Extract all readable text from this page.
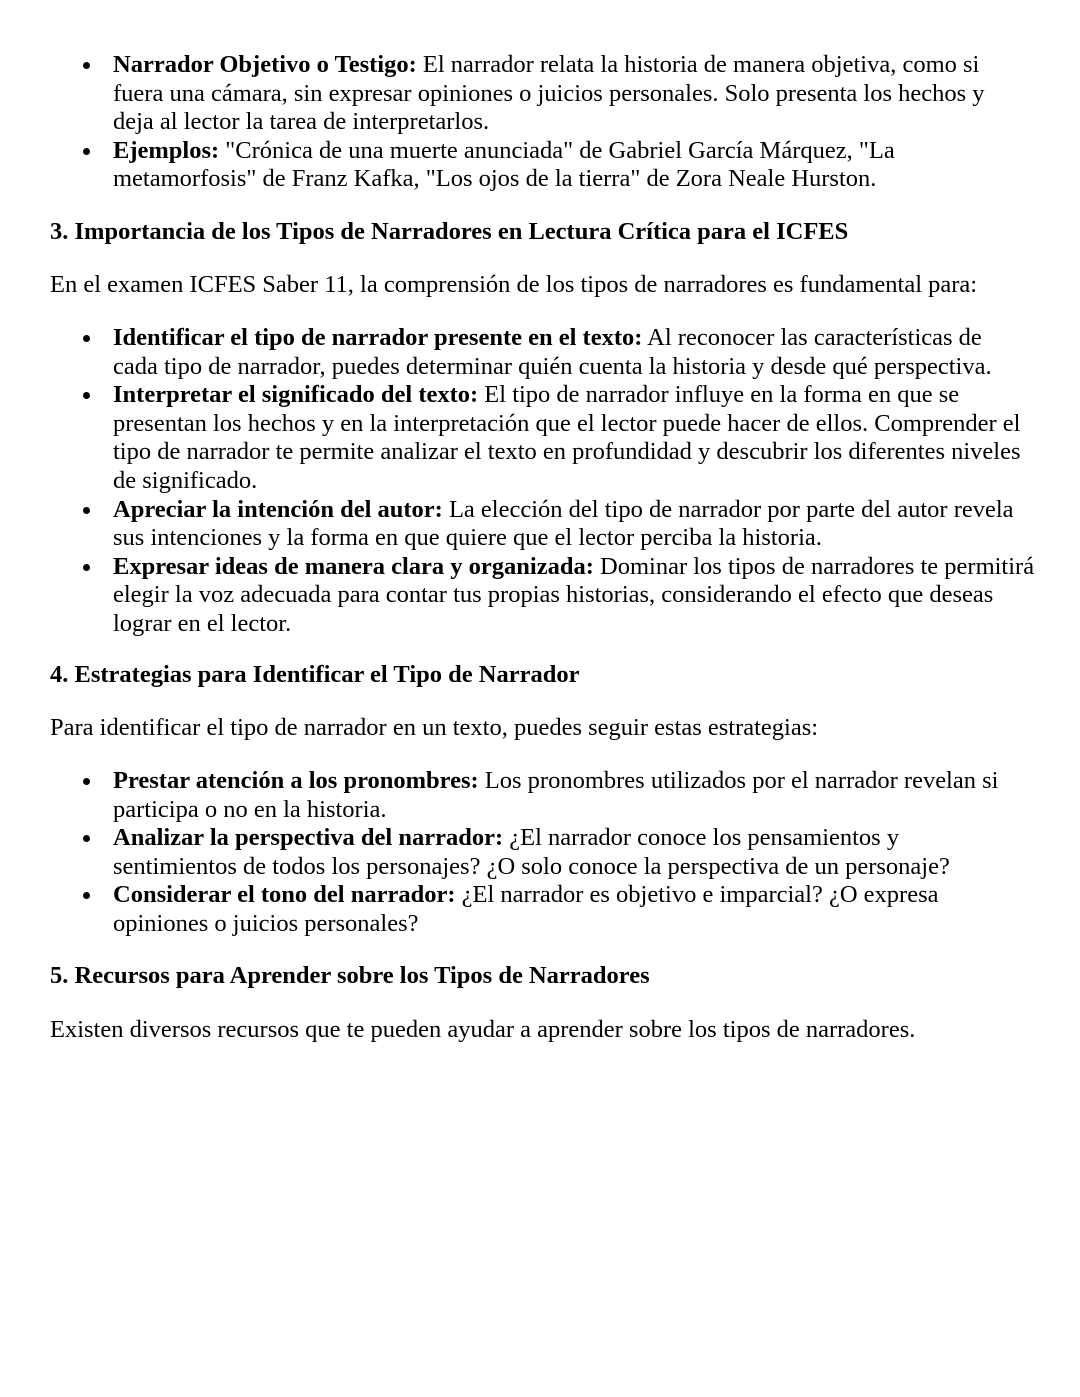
Narrador Objetivo o Testigo: El narrador relata la historia de manera objetiva, como si fuera una cámara, sin expresar opiniones o juicios personales. Solo presenta los hechos y deja al lector la tarea de interpretarlos.
Ejemplos: "Crónica de una muerte anunciada" de Gabriel García Márquez, "La metamorfosis" de Franz Kafka, "Los ojos de la tierra" de Zora Neale Hurston.
3. Importancia de los Tipos de Narradores en Lectura Crítica para el ICFES

En el examen ICFES Saber 11, la comprensión de los tipos de narradores es fundamental para:

Identificar el tipo de narrador presente en el texto: Al reconocer las características de cada tipo de narrador, puedes determinar quién cuenta la historia y desde qué perspectiva.
Interpretar el significado del texto: El tipo de narrador influye en la forma en que se presentan los hechos y en la interpretación que el lector puede hacer de ellos. Comprender el tipo de narrador te permite analizar el texto en profundidad y descubrir los diferentes niveles de significado.
Apreciar la intención del autor: La elección del tipo de narrador por parte del autor revela sus intenciones y la forma en que quiere que el lector perciba la historia.
Expresar ideas de manera clara y organizada: Dominar los tipos de narradores te permitirá elegir la voz adecuada para contar tus propias historias, considerando el efecto que deseas lograr en el lector.
4. Estrategias para Identificar el Tipo de Narrador

Para identificar el tipo de narrador en un texto, puedes seguir estas estrategias:

Prestar atención a los pronombres: Los pronombres utilizados por el narrador revelan si participa o no en la historia.
Analizar la perspectiva del narrador: ¿El narrador conoce los pensamientos y sentimientos de todos los personajes? ¿O solo conoce la perspectiva de un personaje?
Considerar el tono del narrador: ¿El narrador es objetivo e imparcial? ¿O expresa opiniones o juicios personales?
5. Recursos para Aprender sobre los Tipos de Narradores

Existen diversos recursos que te pueden ayudar a aprender sobre los tipos de narradores.
